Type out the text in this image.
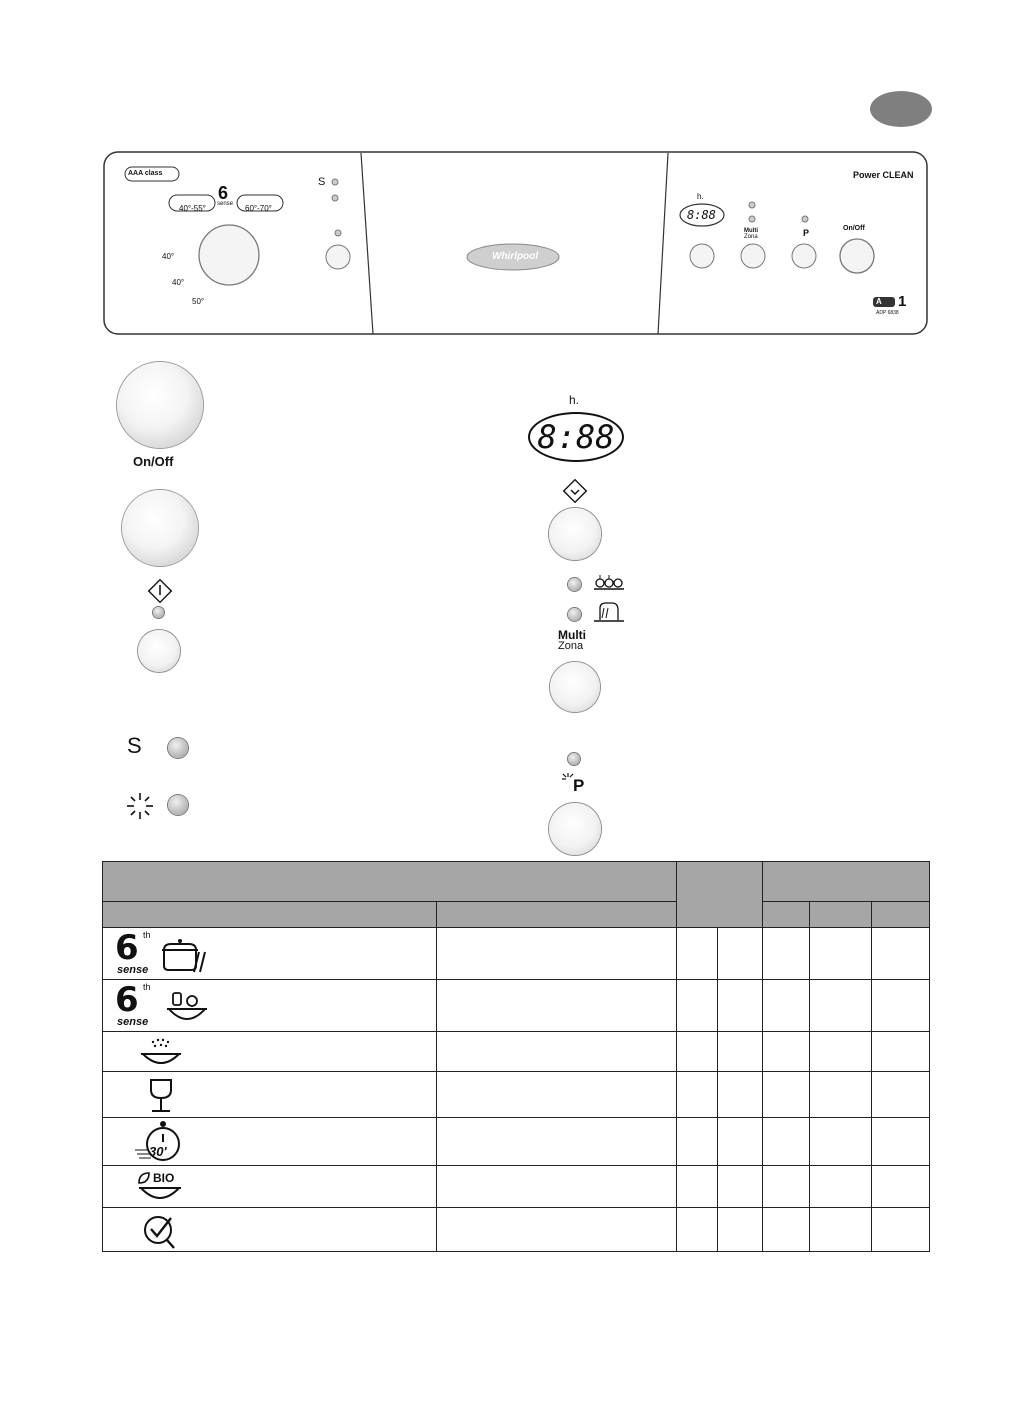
AAA class
6
sense
40°-55°	60°-70°
40°
40°
50°
S
Whirlpool
Power CLEAN
h.
8:88
Multi
Zona	P	On/Off
A 1
ADP 6838
On/Off
S
h.
8:88
Multi
Zona
P

6 th
sense						

6 th
sense						

30'						

BIO						
